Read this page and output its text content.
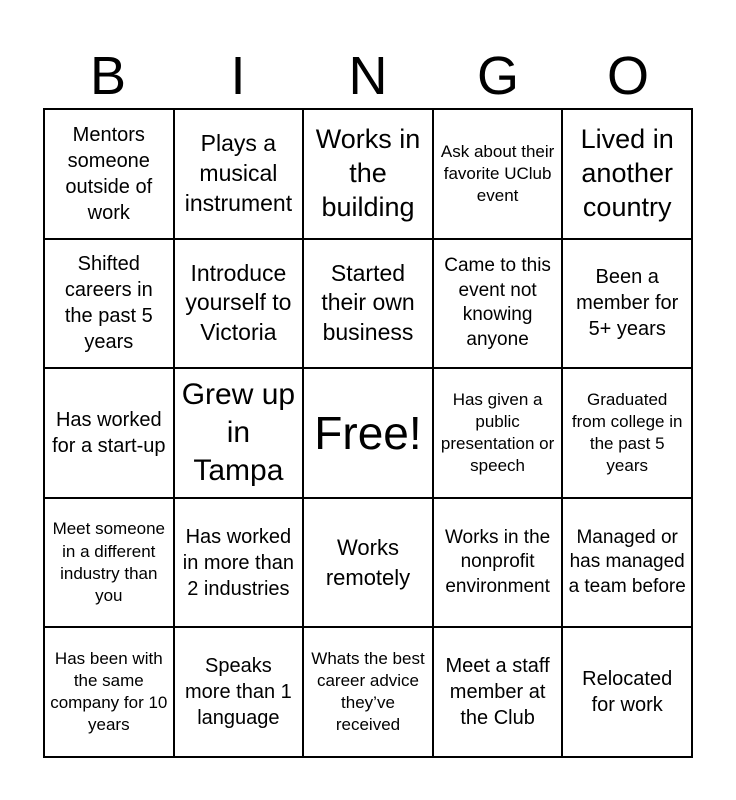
B	I	N	G	O
Mentors someone outside of work
Plays a musical instrument
Works in the building
Ask about their favorite UClub event
Lived in another country
Shifted careers in the past 5 years
Introduce yourself to Victoria
Started their own business
Came to this event not knowing anyone
Been a member for 5+ years
Has worked for a start-up
Grew up in Tampa
Free!
Has given a public presentation or speech
Graduated from college in the past 5 years
Meet someone in a different industry than you
Has worked in more than 2 industries
Works remotely
Works in the nonprofit environment
Managed or has managed a team before
Has been with the same company for 10 years
Speaks more than 1 language
Whats the best career advice they’ve received
Meet a staff member at the Club
Relocated for work
